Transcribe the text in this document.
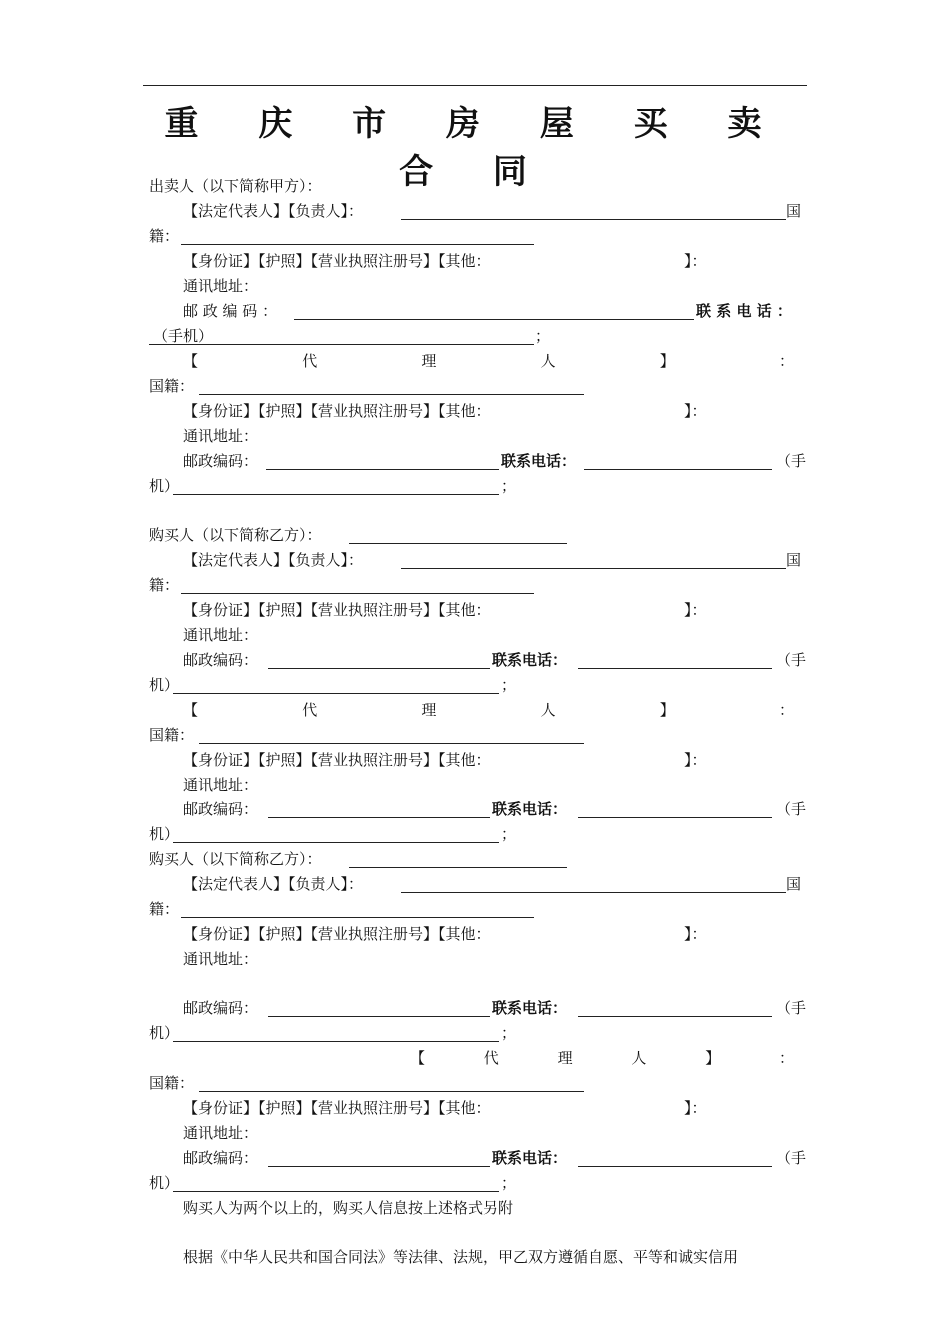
重 庆 市 房 屋 买 卖 合 同
出卖人（以下简称甲方）：
【法定代表人】【负责人】：	国
籍：
【身份证】【护照】【营业执照注册号】【其他：	】：
通讯地址：
邮 政 编 码 ：	联 系 电 话 ：
（手机）	；
【	代	理	人	】	：
国籍：
【身份证】【护照】【营业执照注册号】【其他：	】：
通讯地址：
邮政编码：	联系电话：	（手
机）	；
购买人（以下简称乙方）：
【法定代表人】【负责人】：	国
籍：
【身份证】【护照】【营业执照注册号】【其他：	】：
通讯地址：
邮政编码：	联系电话：	（手
机）	；
【	代	理	人	】	：
国籍：
【身份证】【护照】【营业执照注册号】【其他：	】：
通讯地址：
邮政编码：	联系电话：	（手
机）	；
购买人（以下简称乙方）：
【法定代表人】【负责人】：	国
籍：
【身份证】【护照】【营业执照注册号】【其他：	】：
通讯地址：
邮政编码：	联系电话：	（手
机）	；
【	代	理	人	】	：
国籍：
【身份证】【护照】【营业执照注册号】【其他：	】：
通讯地址：
邮政编码：	联系电话：	（手
机）	；
购买人为两个以上的，购买人信息按上述格式另附
根据《中华人民共和国合同法》等法律、法规，甲乙双方遵循自愿、平等和诚实信用
